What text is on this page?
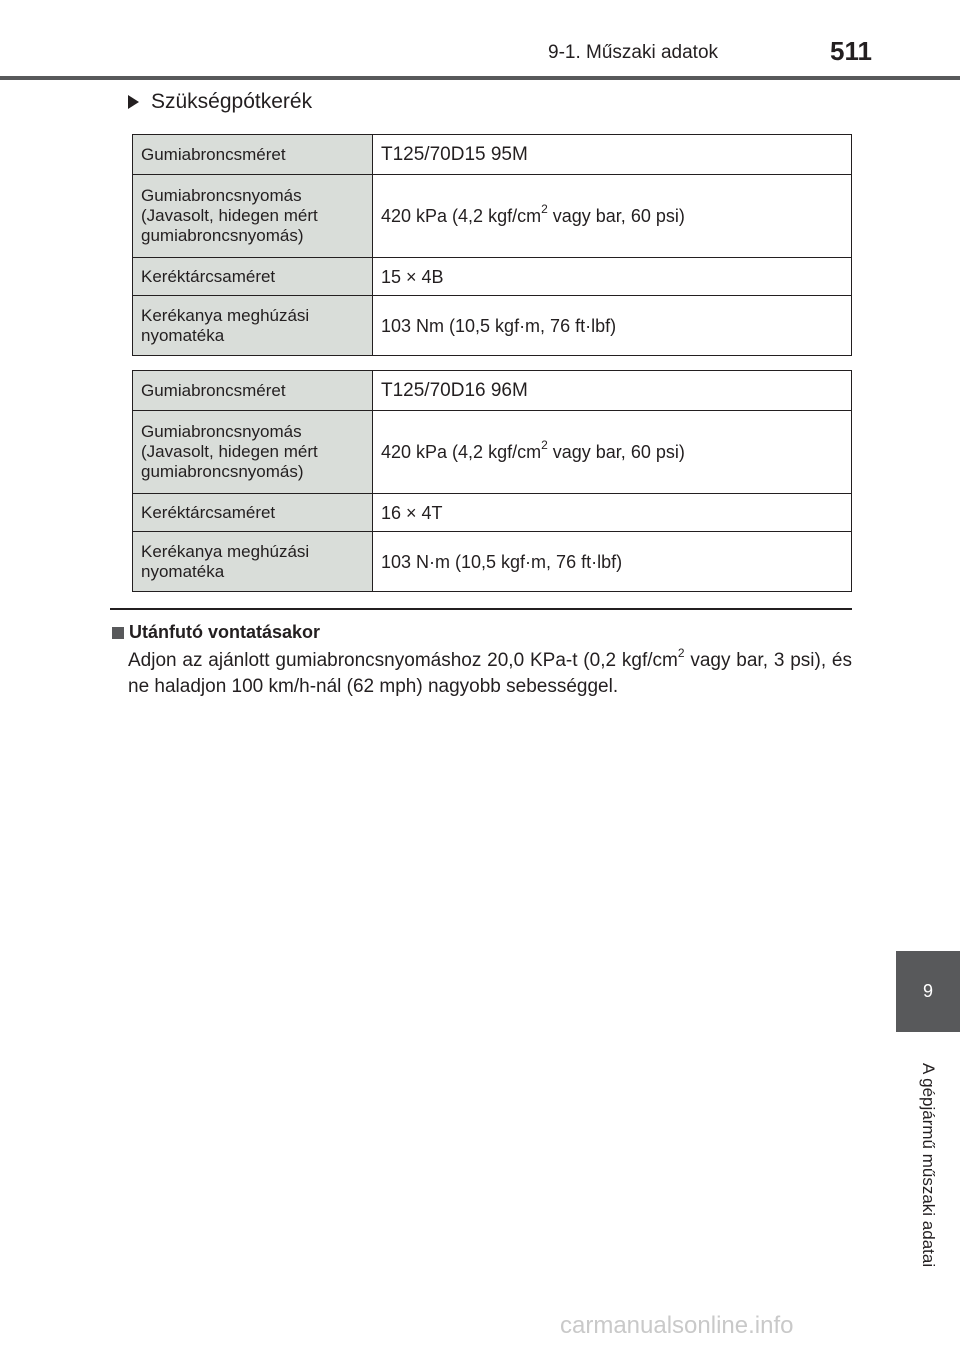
9-1. Műszaki adatok	511
Szükségpótkerék
Gumiabroncsméret	T125/70D15 95M
Gumiabroncsnyomás (Javasolt, hidegen mért gumiabroncsnyomás)	420 kPa (4,2 kgf/$cm^2$ vagy bar, 60 psi)
Keréktárcsaméret	15 × 4B
Kerékanya meghúzási nyomatéka	103 Nm (10,5 kgf·m, 76 ft·lbf)
Gumiabroncsméret	T125/70D16 96M
Gumiabroncsnyomás (Javasolt, hidegen mért gumiabroncsnyomás)	420 kPa (4,2 kgf/$cm^2$ vagy bar, 60 psi)
Keréktárcsaméret	16 × 4T
Kerékanya meghúzási nyomatéka	103 N·m (10,5 kgf·m, 76 ft·lbf)
Utánfutó vontatásakor
Adjon az ajánlott gumiabroncsnyomáshoz 20,0 KPa-t (0,2 kgf/$cm^2$ vagy bar, 3 psi), és ne haladjon 100 km/h-nál (62 mph) nagyobb sebességgel.
9
A gépjármű műszaki adatai
carmanualsonline.info
